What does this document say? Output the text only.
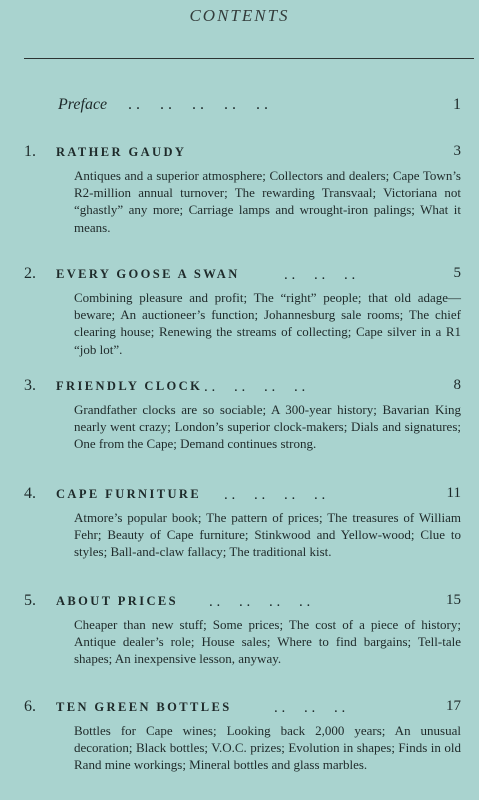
CONTENTS
Preface . .     . .     . .     . .     . .	1
1. RATHER GAUDY	3
Antiques and a superior atmosphere; Collectors and dealers; Cape Town’s R2-million annual turnover; The rewarding Transvaal; Victoriana not “ghastly” any more; Carriage lamps and wrought-iron palings; What it means.
2. EVERY GOOSE A SWAN	. .     . .     . .	5
Combining pleasure and profit; The “right” people; that old adage—beware; An auctioneer’s function; Johannesburg sale rooms; The chief clearing house; Renewing the streams of collecting; Cape silver in a R1 “job lot”.
3. FRIENDLY CLOCK . .     . .     . .     . .	8
Grandfather clocks are so sociable; A 300-year history; Bavarian King nearly went crazy; London’s superior clock-makers; Dials and signatures; One from the Cape; Demand continues strong.
4. CAPE FURNITURE . .     . .     . .     . .	11
Atmore’s popular book; The pattern of prices; The treasures of William Fehr; Beauty of Cape furniture; Stinkwood and Yellow-wood; Clue to styles; Ball-and-claw fallacy; The traditional kist.
5. ABOUT PRICES . .     . .     . .     . .	15
Cheaper than new stuff; Some prices; The cost of a piece of history; Antique dealer’s role; House sales; Where to find bargains; Tell-tale shapes; An inexpensive lesson, anyway.
6. TEN GREEN BOTTLES	. .     . .     . .	17
Bottles for Cape wines; Looking back 2,000 years; An unusual decoration; Black bottles; V.O.C. prizes; Evolution in shapes; Finds in old Rand mine workings; Mineral bottles and glass marbles.
